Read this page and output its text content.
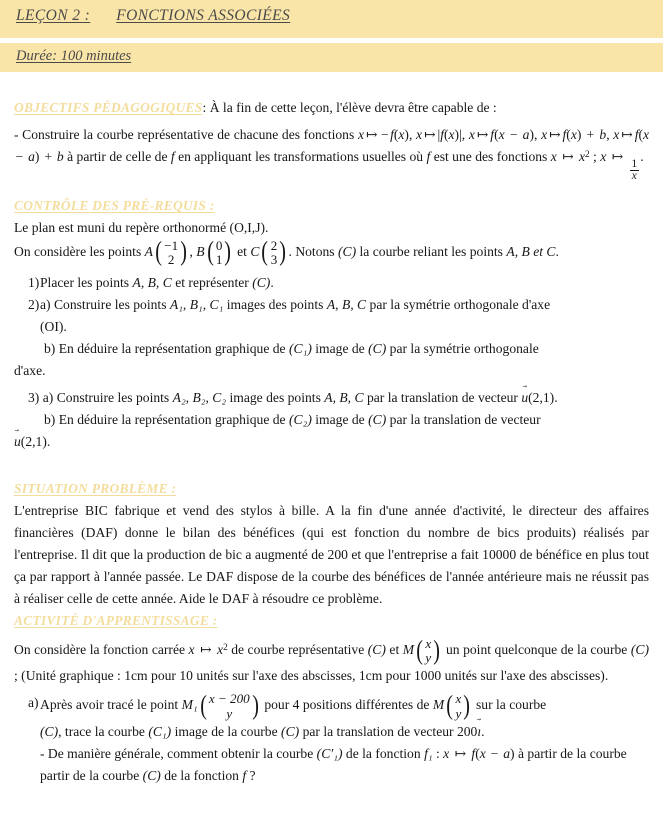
LEÇON 2 : FONCTIONS ASSOCIÉES
Durée: 100 minutes

OBJECTIFS PÉDAGOGIQUES: À la fin de cette leçon, l'élève devra être capable de :

- Construire la courbe représentative de chacune des fonctions x ↦ − f(x), x ↦ |f(x)|, x ↦ f(x − a), x ↦ f(x) + b, x ↦ f(x − a) + b à partir de celle de f en appliquant les transformations usuelles où f est une des fonctions x ↦ $x^2$ ; x ↦
$\frac{1}{x}$
.

CONTRÔLE DES PRÉ-REQUIS :

Le plan est muni du repère orthonormé (O,I,J).

On considère les points A ( −1
2 ) , B ( 0
1 ) et C ( 2
3 ) . Notons (C) la courbe reliant les points A, B et C.

1) Placer les points A, B, C et représenter (C).
2) a) Construire les points A₁, B₁, C₁ images des points A, B, C par la symétrie orthogonale d'axe
(OI).

b) En déduire la représentation graphique de (C₁) image de (C) par la symétrie orthogonale

d'axe.

3) a) Construire les points A₂, B₂, C₂ image des points A, B, C par la translation de vecteur u →(2,1).

b) En déduire la représentation graphique de (C₂) image de (C) par la translation de vecteur

u →(2,1).

SITUATION PROBLÈME :

L'entreprise BIC fabrique et vend des stylos à bille. A la fin d'une année d'activité, le directeur des affaires financières (DAF) donne le bilan des bénéfices (qui est fonction du nombre de bics produits) réalisés par l'entreprise. Il dit que la production de bic a augmenté de 200 et que l'entreprise a fait 10000 de bénéfice en plus tout ça par rapport à l'année passée. Le DAF dispose de la courbe des bénéfices de l'année antérieure mais ne réussit pas à réaliser celle de cette année. Aide le DAF à résoudre ce problème.

ACTIVITÉ D'APPRENTISSAGE :

On considère la fonction carrée x ↦ $x^2$ de courbe représentative (C) et M ( x
y ) un point quelconque de la courbe (C) ; (Unité graphique : 1cm pour 10 unités sur l'axe des abscisses, 1cm pour 1000 unités sur l'axe des abscisses).

a) Après avoir tracé le point M₁ ( x − 200
y ) pour 4 positions différentes de M ( x
y ) sur la courbe
(C), trace la courbe (C₁) image de la courbe (C) par la translation de vecteur 200ı →.
- De manière générale, comment obtenir la courbe (C′₁) de la fonction f₁ : x ↦ f(x − a) à partir de la courbe
partir de la courbe (C) de la fonction f ?
